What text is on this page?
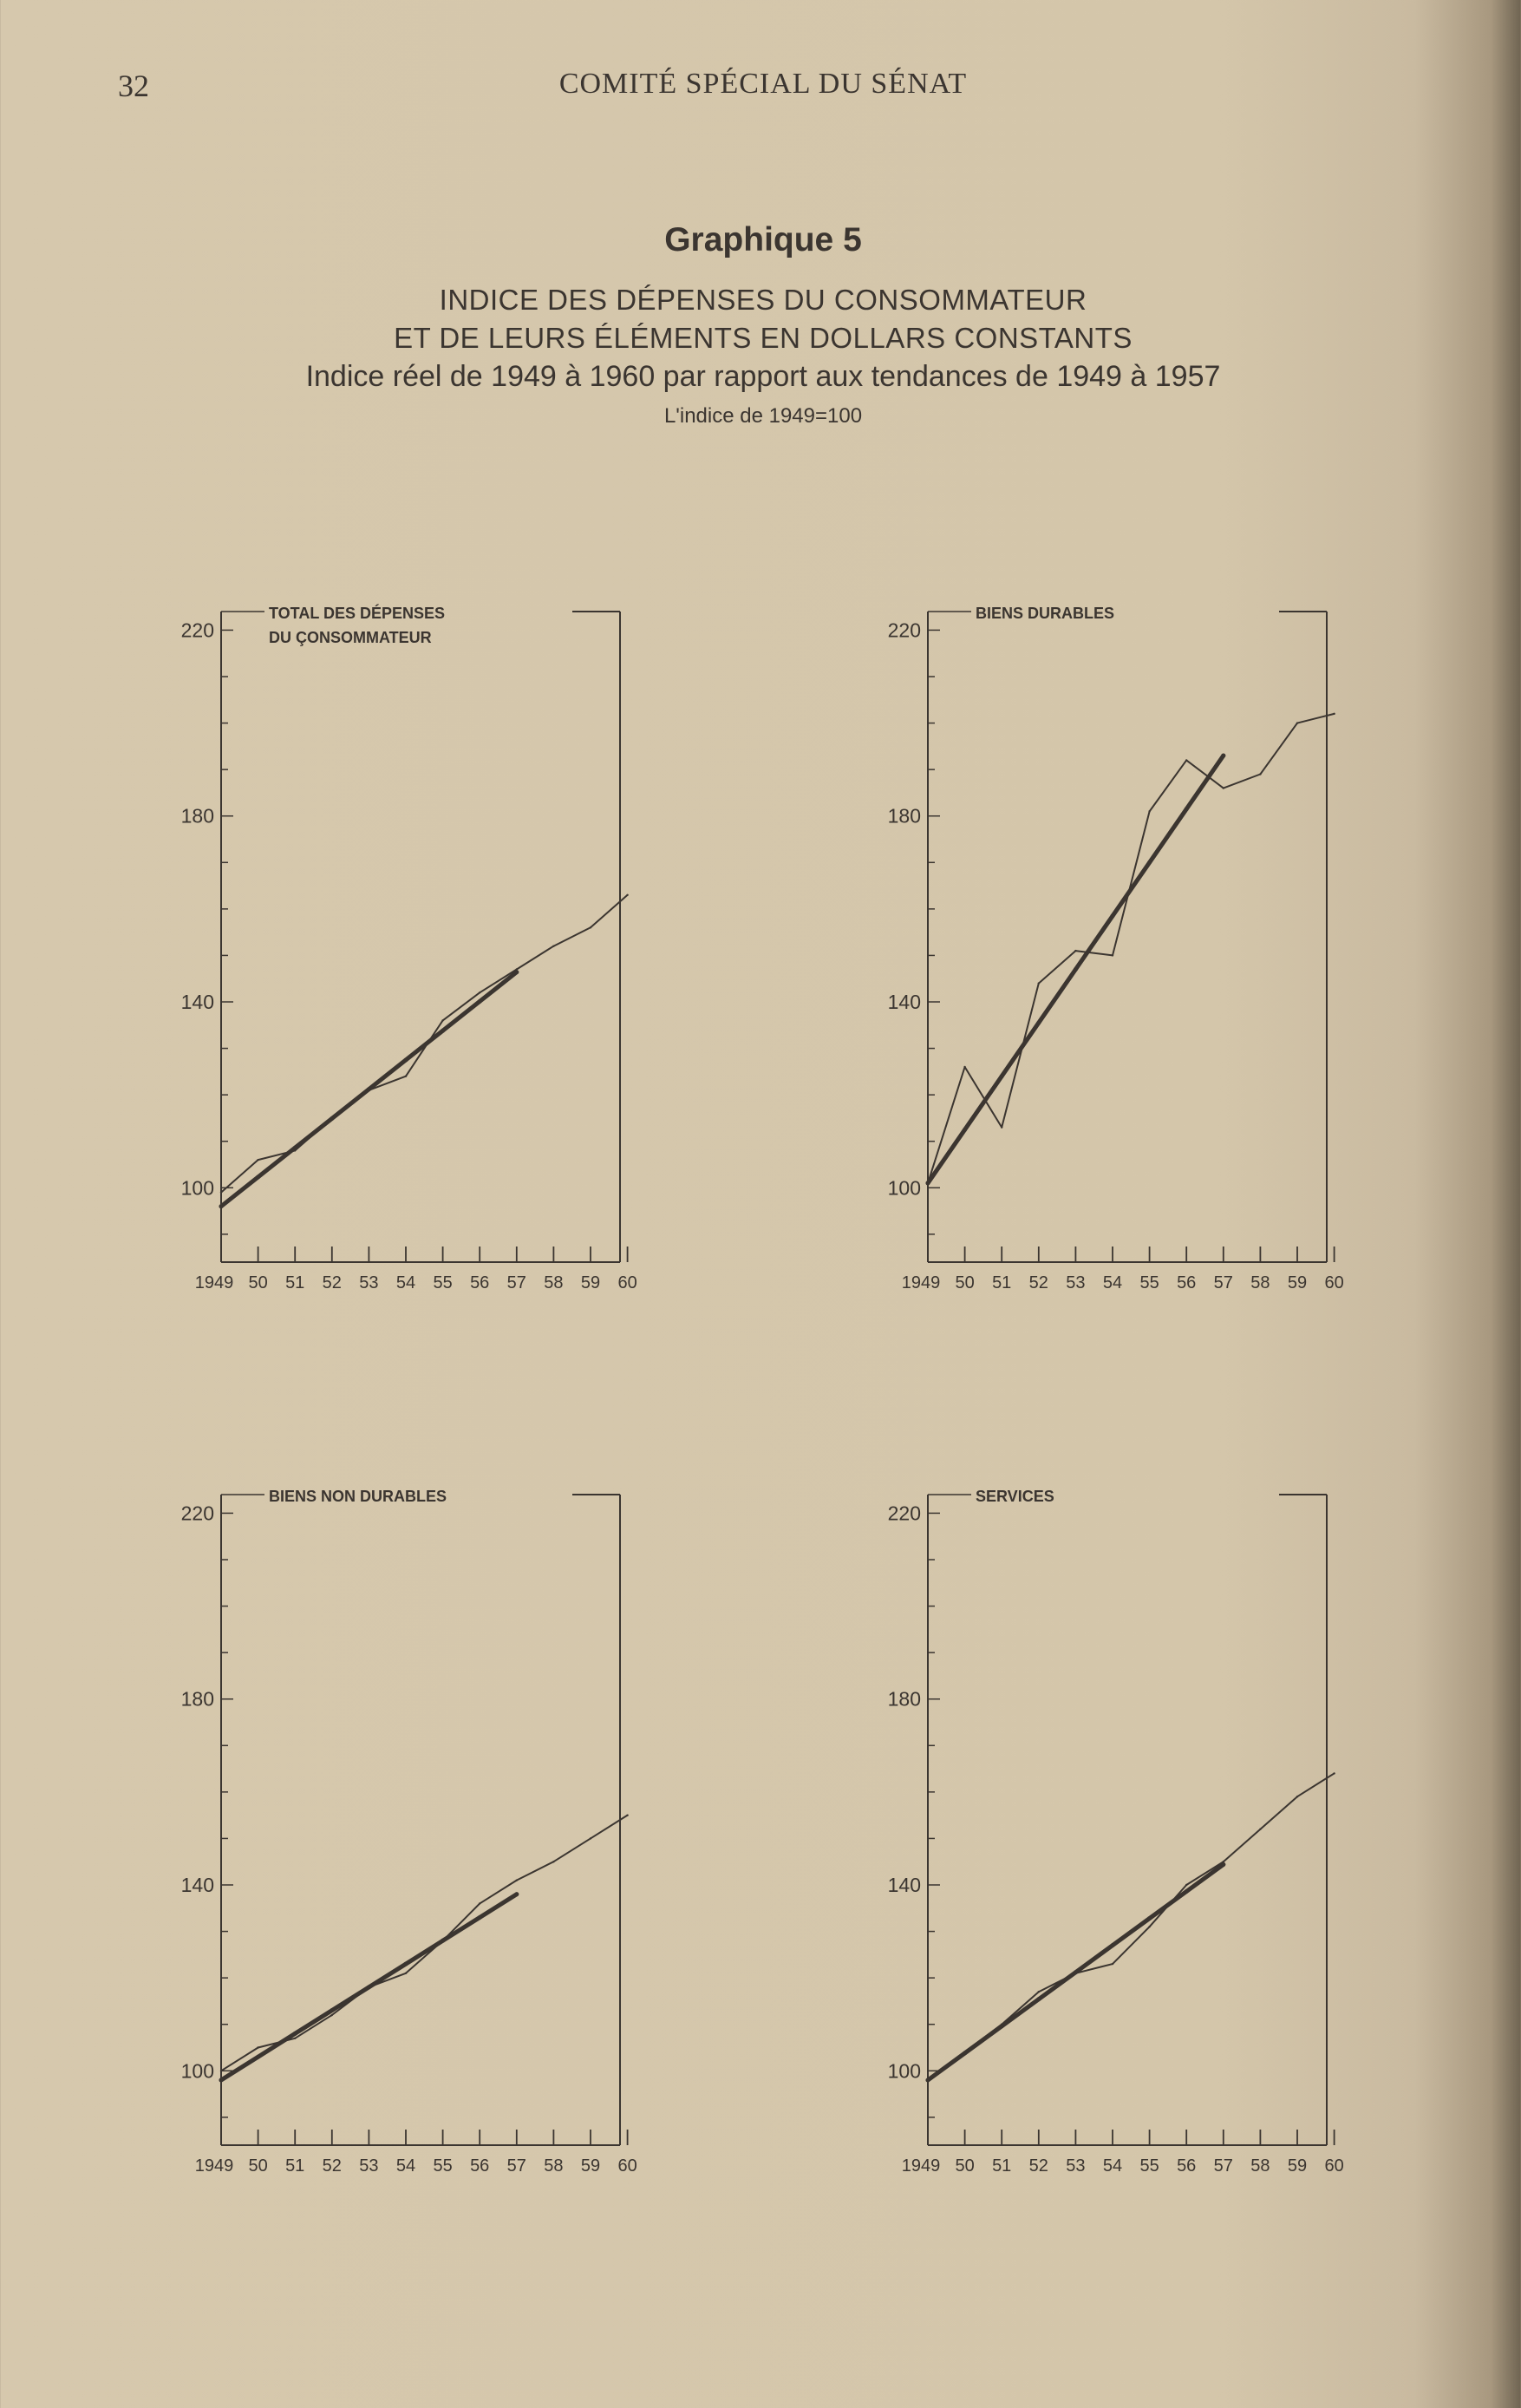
32	COMITÉ SPÉCIAL DU SÉNAT
Graphique 5
INDICE DES DÉPENSES DU CONSOMMATEUR
ET DE LEURS ÉLÉMENTS EN DOLLARS CONSTANTS
Indice réel de 1949 à 1960 par rapport aux tendances de 1949 à 1957
L'indice de 1949=100
TOTAL DES DÉPENSES
DU ÇONSOMMATEUR
220
180
140
100
1949 50 51 52 53 54 55 56 57 58 59 60
BIENS DURABLES
220
180
140
100
1949 50 51 52 53 54 55 56 57 58 59 60
BIENS NON DURABLES
220
180
140
100
1949 50 51 52 53 54 55 56 57 58 59 60
SERVICES
220
180
140
100
1949 50 51 52 53 54 55 56 57 58 59 60
